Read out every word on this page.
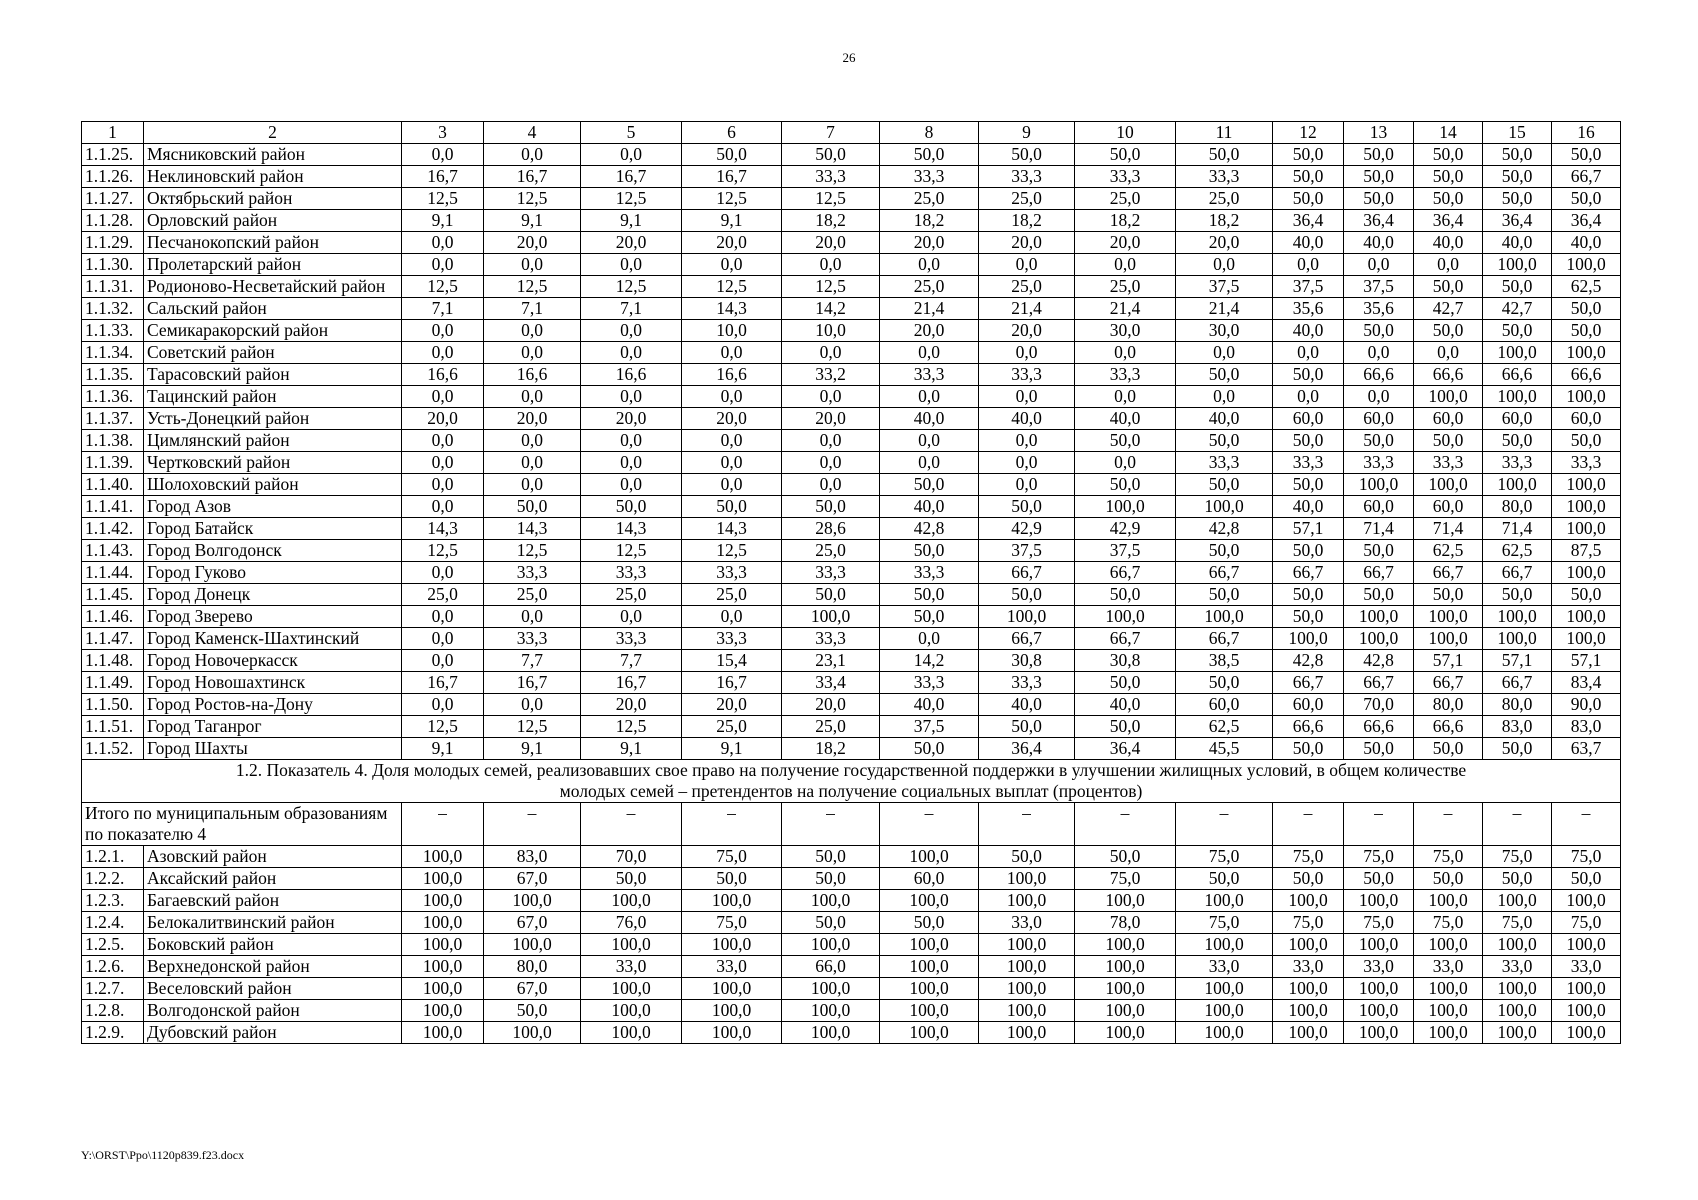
26
1	2	3	4	5	6	7	8	9	10	11	12	13	14	15	16
1.1.25.	Мясниковский район	0,0	0,0	0,0	50,0	50,0	50,0	50,0	50,0	50,0	50,0	50,0	50,0	50,0	50,0
1.1.26.	Неклиновский район	16,7	16,7	16,7	16,7	33,3	33,3	33,3	33,3	33,3	50,0	50,0	50,0	50,0	66,7
1.1.27.	Октябрьский район	12,5	12,5	12,5	12,5	12,5	25,0	25,0	25,0	25,0	50,0	50,0	50,0	50,0	50,0
1.1.28.	Орловский район	9,1	9,1	9,1	9,1	18,2	18,2	18,2	18,2	18,2	36,4	36,4	36,4	36,4	36,4
1.1.29.	Песчанокопский район	0,0	20,0	20,0	20,0	20,0	20,0	20,0	20,0	20,0	40,0	40,0	40,0	40,0	40,0
1.1.30.	Пролетарский район	0,0	0,0	0,0	0,0	0,0	0,0	0,0	0,0	0,0	0,0	0,0	0,0	100,0	100,0
1.1.31.	Родионово-Несветайский район	12,5	12,5	12,5	12,5	12,5	25,0	25,0	25,0	37,5	37,5	37,5	50,0	50,0	62,5
1.1.32.	Сальский район	7,1	7,1	7,1	14,3	14,2	21,4	21,4	21,4	21,4	35,6	35,6	42,7	42,7	50,0
1.1.33.	Семикаракорский район	0,0	0,0	0,0	10,0	10,0	20,0	20,0	30,0	30,0	40,0	50,0	50,0	50,0	50,0
1.1.34.	Советский район	0,0	0,0	0,0	0,0	0,0	0,0	0,0	0,0	0,0	0,0	0,0	0,0	100,0	100,0
1.1.35.	Тарасовский район	16,6	16,6	16,6	16,6	33,2	33,3	33,3	33,3	50,0	50,0	66,6	66,6	66,6	66,6
1.1.36.	Тацинский район	0,0	0,0	0,0	0,0	0,0	0,0	0,0	0,0	0,0	0,0	0,0	100,0	100,0	100,0
1.1.37.	Усть-Донецкий район	20,0	20,0	20,0	20,0	20,0	40,0	40,0	40,0	40,0	60,0	60,0	60,0	60,0	60,0
1.1.38.	Цимлянский район	0,0	0,0	0,0	0,0	0,0	0,0	0,0	50,0	50,0	50,0	50,0	50,0	50,0	50,0
1.1.39.	Чертковский район	0,0	0,0	0,0	0,0	0,0	0,0	0,0	0,0	33,3	33,3	33,3	33,3	33,3	33,3
1.1.40.	Шолоховский район	0,0	0,0	0,0	0,0	0,0	50,0	0,0	50,0	50,0	50,0	100,0	100,0	100,0	100,0
1.1.41.	Город Азов	0,0	50,0	50,0	50,0	50,0	40,0	50,0	100,0	100,0	40,0	60,0	60,0	80,0	100,0
1.1.42.	Город Батайск	14,3	14,3	14,3	14,3	28,6	42,8	42,9	42,9	42,8	57,1	71,4	71,4	71,4	100,0
1.1.43.	Город Волгодонск	12,5	12,5	12,5	12,5	25,0	50,0	37,5	37,5	50,0	50,0	50,0	62,5	62,5	87,5
1.1.44.	Город Гуково	0,0	33,3	33,3	33,3	33,3	33,3	66,7	66,7	66,7	66,7	66,7	66,7	66,7	100,0
1.1.45.	Город Донецк	25,0	25,0	25,0	25,0	50,0	50,0	50,0	50,0	50,0	50,0	50,0	50,0	50,0	50,0
1.1.46.	Город Зверево	0,0	0,0	0,0	0,0	100,0	50,0	100,0	100,0	100,0	50,0	100,0	100,0	100,0	100,0
1.1.47.	Город Каменск-Шахтинский	0,0	33,3	33,3	33,3	33,3	0,0	66,7	66,7	66,7	100,0	100,0	100,0	100,0	100,0
1.1.48.	Город Новочеркасск	0,0	7,7	7,7	15,4	23,1	14,2	30,8	30,8	38,5	42,8	42,8	57,1	57,1	57,1
1.1.49.	Город Новошахтинск	16,7	16,7	16,7	16,7	33,4	33,3	33,3	50,0	50,0	66,7	66,7	66,7	66,7	83,4
1.1.50.	Город Ростов-на-Дону	0,0	0,0	20,0	20,0	20,0	40,0	40,0	40,0	60,0	60,0	70,0	80,0	80,0	90,0
1.1.51.	Город Таганрог	12,5	12,5	12,5	25,0	25,0	37,5	50,0	50,0	62,5	66,6	66,6	66,6	83,0	83,0
1.1.52.	Город Шахты	9,1	9,1	9,1	9,1	18,2	50,0	36,4	36,4	45,5	50,0	50,0	50,0	50,0	63,7
1.2. Показатель 4. Доля молодых семей, реализовавших свое право на получение государственной поддержки в улучшении жилищных условий, в общем количестве молодых семей – претендентов на получение социальных выплат (процентов)															
Итого по муниципальным образованиям по показателю 4		–	–	–	–	–	–	–	–	–	–	–	–	–	–
1.2.1.	Азовский район	100,0	83,0	70,0	75,0	50,0	100,0	50,0	50,0	75,0	75,0	75,0	75,0	75,0	75,0
1.2.2.	Аксайский район	100,0	67,0	50,0	50,0	50,0	60,0	100,0	75,0	50,0	50,0	50,0	50,0	50,0	50,0
1.2.3.	Багаевский район	100,0	100,0	100,0	100,0	100,0	100,0	100,0	100,0	100,0	100,0	100,0	100,0	100,0	100,0
1.2.4.	Белокалитвинский район	100,0	67,0	76,0	75,0	50,0	50,0	33,0	78,0	75,0	75,0	75,0	75,0	75,0	75,0
1.2.5.	Боковский район	100,0	100,0	100,0	100,0	100,0	100,0	100,0	100,0	100,0	100,0	100,0	100,0	100,0	100,0
1.2.6.	Верхнедонской район	100,0	80,0	33,0	33,0	66,0	100,0	100,0	100,0	33,0	33,0	33,0	33,0	33,0	33,0
1.2.7.	Веселовский район	100,0	67,0	100,0	100,0	100,0	100,0	100,0	100,0	100,0	100,0	100,0	100,0	100,0	100,0
1.2.8.	Волгодонской район	100,0	50,0	100,0	100,0	100,0	100,0	100,0	100,0	100,0	100,0	100,0	100,0	100,0	100,0
1.2.9.	Дубовский район	100,0	100,0	100,0	100,0	100,0	100,0	100,0	100,0	100,0	100,0	100,0	100,0	100,0	100,0
Y:\ORST\Ppo\1120p839.f23.docx
